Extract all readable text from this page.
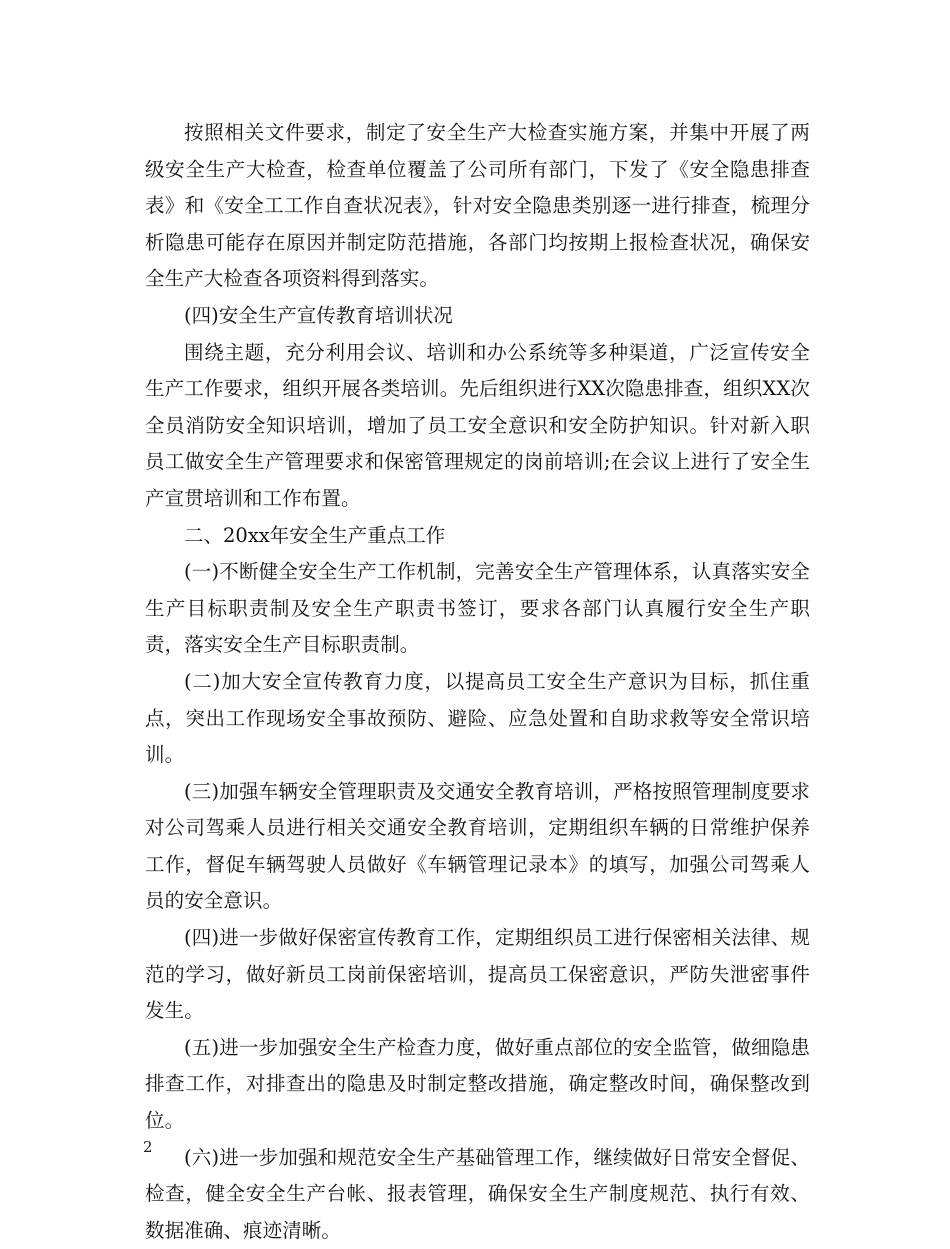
按照相关文件要求，制定了安全生产大检查实施方案，并集中开展了两级安全生产大检查，检查单位覆盖了公司所有部门，下发了《安全隐患排查表》和《安全工工作自查状况表》，针对安全隐患类别逐一进行排查，梳理分析隐患可能存在原因并制定防范措施，各部门均按期上报检查状况，确保安全生产大检查各项资料得到落实。

(四)安全生产宣传教育培训状况

围绕主题，充分利用会议、培训和办公系统等多种渠道，广泛宣传安全生产工作要求，组织开展各类培训。先后组织进行XX次隐患排查，组织XX次全员消防安全知识培训，增加了员工安全意识和安全防护知识。针对新入职员工做安全生产管理要求和保密管理规定的岗前培训;在会议上进行了安全生产宣贯培训和工作布置。

二、20xx年安全生产重点工作

(一)不断健全安全生产工作机制，完善安全生产管理体系，认真落实安全生产目标职责制及安全生产职责书签订，要求各部门认真履行安全生产职责，落实安全生产目标职责制。

(二)加大安全宣传教育力度，以提高员工安全生产意识为目标，抓住重点，突出工作现场安全事故预防、避险、应急处置和自助求救等安全常识培训。

(三)加强车辆安全管理职责及交通安全教育培训，严格按照管理制度要求对公司驾乘人员进行相关交通安全教育培训，定期组织车辆的日常维护保养工作，督促车辆驾驶人员做好《车辆管理记录本》的填写，加强公司驾乘人员的安全意识。

(四)进一步做好保密宣传教育工作，定期组织员工进行保密相关法律、规范的学习，做好新员工岗前保密培训，提高员工保密意识，严防失泄密事件发生。

(五)进一步加强安全生产检查力度，做好重点部位的安全监管，做细隐患排查工作，对排查出的隐患及时制定整改措施，确定整改时间，确保整改到位。

(六)进一步加强和规范安全生产基础管理工作，继续做好日常安全督促、检查，健全安全生产台帐、报表管理，确保安全生产制度规范、执行有效、数据准确、痕迹清晰。

2
